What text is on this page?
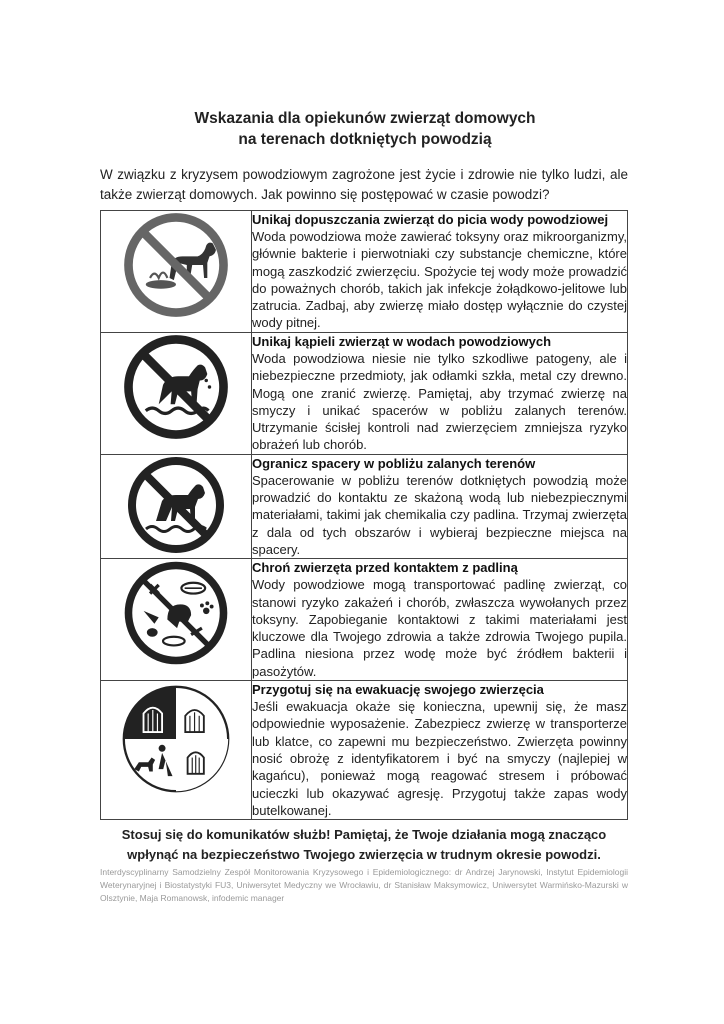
Wskazania dla opiekunów zwierząt domowych
na terenach dotkniętych powodzią
W związku z kryzysem powodziowym zagrożone jest życie i zdrowie nie tylko ludzi, ale także zwierząt domowych. Jak powinno się postępować w czasie powodzi?

Unikaj dopuszczania zwierząt do picia wody powodziowej
Woda powodziowa może zawierać toksyny oraz mikroorganizmy, głównie bakterie i pierwotniaki czy substancje chemiczne, które mogą zaszkodzić zwierzęciu. Spożycie tej wody może prowadzić do poważnych chorób, takich jak infekcje żołądkowo-jelitowe lub zatrucia. Zadbaj, aby zwierzę miało dostęp wyłącznie do czystej wody pitnej.

Unikaj kąpieli zwierząt w wodach powodziowych
Woda powodziowa niesie nie tylko szkodliwe patogeny, ale i niebezpieczne przedmioty, jak odłamki szkła, metal czy drewno. Mogą one zranić zwierzę. Pamiętaj, aby trzymać zwierzę na smyczy i unikać spacerów w pobliżu zalanych terenów. Utrzymanie ścisłej kontroli nad zwierzęciem zmniejsza ryzyko obrażeń lub chorób.

Ogranicz spacery w pobliżu zalanych terenów
Spacerowanie w pobliżu terenów dotkniętych powodzią może prowadzić do kontaktu ze skażoną wodą lub niebezpiecznymi materiałami, takimi jak chemikalia czy padlina. Trzymaj zwierzęta z dala od tych obszarów i wybieraj bezpieczne miejsca na spacery.

Chroń zwierzęta przed kontaktem z padliną
Wody powodziowe mogą transportować padlinę zwierząt, co stanowi ryzyko zakażeń i chorób, zwłaszcza wywołanych przez toksyny. Zapobieganie kontaktowi z takimi materiałami jest kluczowe dla Twojego zdrowia a także zdrowia Twojego pupila. Padlina niesiona przez wodę może być źródłem bakterii i pasożytów.

Przygotuj się na ewakuację swojego zwierzęcia
Jeśli ewakuacja okaże się konieczna, upewnij się, że masz odpowiednie wyposażenie. Zabezpiecz zwierzę w transporterze lub klatce, co zapewni mu bezpieczeństwo. Zwierzęta powinny nosić obrożę z identyfikatorem i być na smyczy (najlepiej w kagańcu), ponieważ mogą reagować stresem i próbować ucieczki lub okazywać agresję. Przygotuj także zapas wody butelkowanej.
Stosuj się do komunikatów służb! Pamiętaj, że Twoje działania mogą znacząco
wpłynąć na bezpieczeństwo Twojego zwierzęcia w trudnym okresie powodzi.
Interdyscyplinarny Samodzielny Zespół Monitorowania Kryzysowego i Epidemiologicznego: dr Andrzej Jarynowski, Instytut Epidemiologii Weterynaryjnej i Biostatystyki FU3, Uniwersytet Medyczny we Wrocławiu, dr Stanisław Maksymowicz, Uniwersytet Warmińsko-Mazurski w Olsztynie, Maja Romanowsk, infodemic manager
